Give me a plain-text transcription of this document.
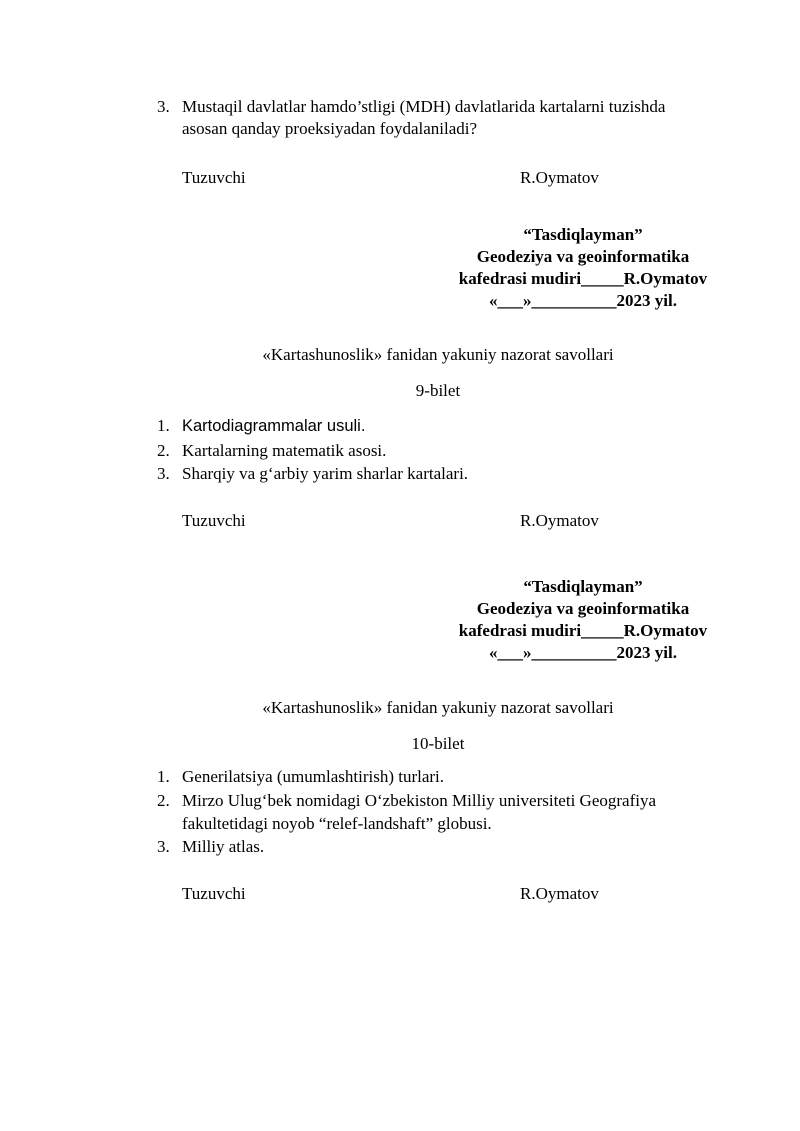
3. Mustaqil davlatlar hamdo’stligi (MDH) davlatlarida kartalarni tuzishda
asosan qanday proeksiyadan foydalaniladi?
Tuzuvchi	R.Oymatov
“Tasdiqlayman”
Geodeziya va geoinformatika
kafedrasi mudiri_____R.Oymatov
«___»__________2023 yil.
«Kartashunoslik» fanidan yakuniy nazorat savollari
9-bilet
1. Kartodiagrammalar usuli.
2. Kartalarning matematik asosi.
3. Sharqiy va g‘arbiy yarim sharlar kartalari.
Tuzuvchi	R.Oymatov
“Tasdiqlayman”
Geodeziya va geoinformatika
kafedrasi mudiri_____R.Oymatov
«___»__________2023 yil.
«Kartashunoslik» fanidan yakuniy nazorat savollari
10-bilet
1. Generilatsiya (umumlashtirish) turlari.
2. Mirzo Ulug‘bek nomidagi O‘zbekiston Milliy universiteti Geografiya
fakultetidagi noyob “relef-landshaft” globusi.
3. Milliy atlas.
Tuzuvchi	R.Oymatov
